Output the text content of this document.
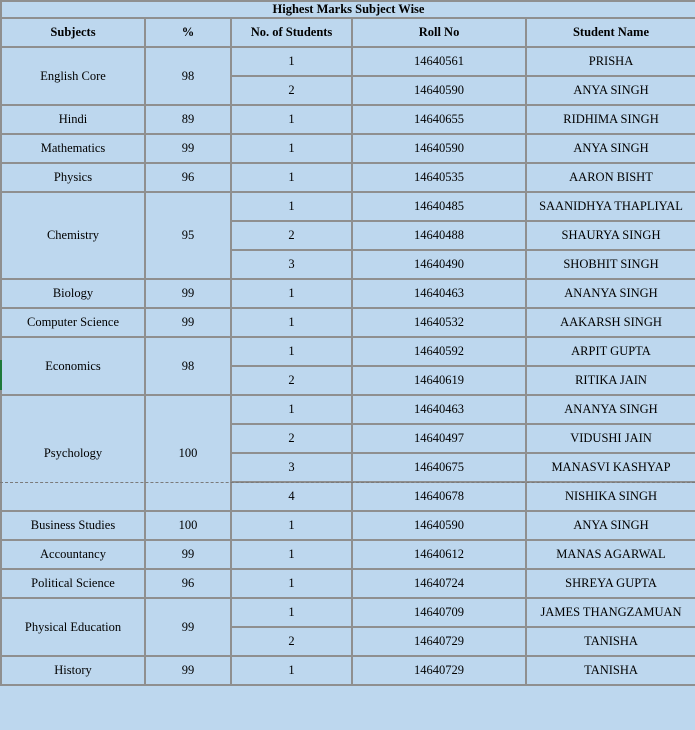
Highest Marks Subject Wise				
Subjects	%	No. of Students	Roll No	Student Name
English Core	98	1	14640561	PRISHA
		2	14640590	ANYA SINGH
Hindi	89	1	14640655	RIDHIMA SINGH
Mathematics	99	1	14640590	ANYA SINGH
Physics	96	1	14640535	AARON BISHT
Chemistry	95	1	14640485	SAANIDHYA THAPLIYAL
		2	14640488	SHAURYA SINGH
		3	14640490	SHOBHIT SINGH
Biology	99	1	14640463	ANANYA SINGH
Computer Science	99	1	14640532	AAKARSH SINGH
Economics	98	1	14640592	ARPIT GUPTA
		2	14640619	RITIKA JAIN
Psychology	100	1	14640463	ANANYA SINGH
		2	14640497	VIDUSHI JAIN
		3	14640675	MANASVI KASHYAP
		4	14640678	NISHIKA SINGH
Business Studies	100	1	14640590	ANYA SINGH
Accountancy	99	1	14640612	MANAS AGARWAL
Political Science	96	1	14640724	SHREYA GUPTA
Physical Education	99	1	14640709	JAMES THANGZAMUAN
		2	14640729	TANISHA
History	99	1	14640729	TANISHA
